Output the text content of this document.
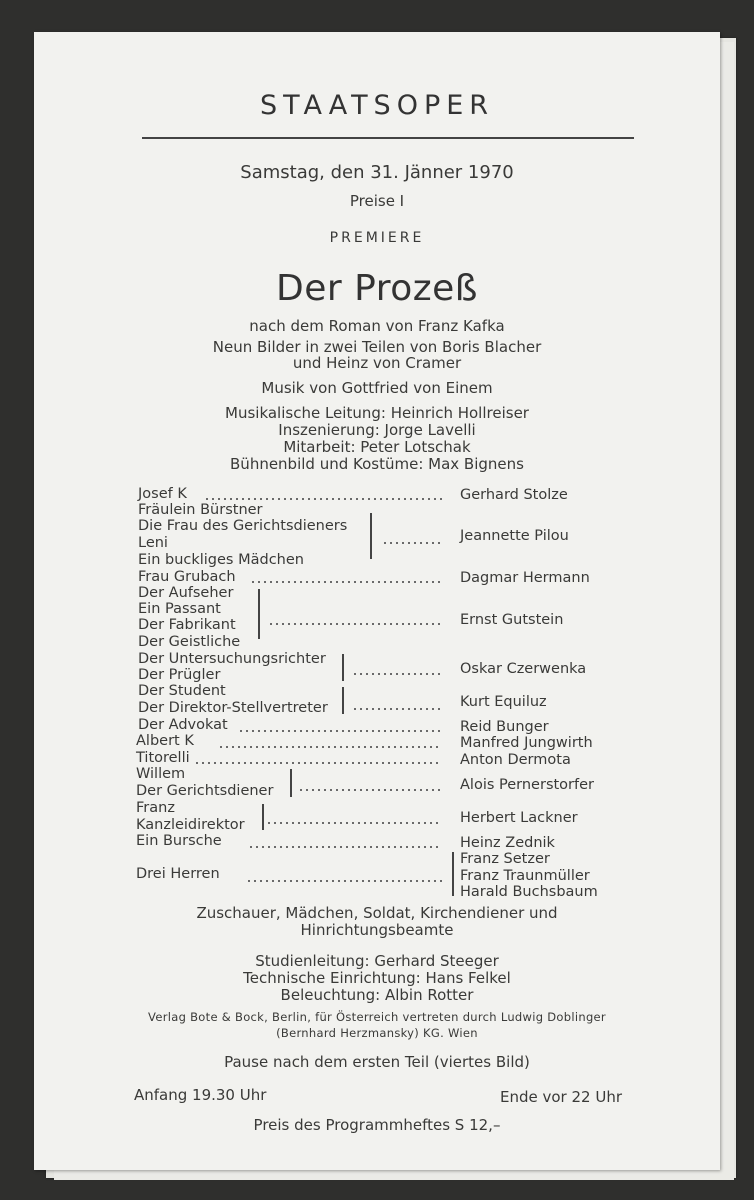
STAATSOPER
Samstag, den 31. Jänner 1970
Preise I
PREMIERE
Der Prozeß
nach dem Roman von Franz Kafka
Neun Bilder in zwei Teilen von Boris Blacher
und Heinz von Cramer
Musik von Gottfried von Einem
Musikalische Leitung: Heinrich Hollreiser
Inszenierung: Jorge Lavelli
Mitarbeit: Peter Lotschak
Bühnenbild und Kostüme: Max Bignens
Josef K
Fräulein Bürstner
Die Frau des Gerichtsdieners
Leni
Ein buckliges Mädchen
Frau Grubach
Der Aufseher
Ein Passant
Der Fabrikant
Der Geistliche
Der Untersuchungsrichter
Der Prügler
Der Student
Der Direktor-Stellvertreter
Der Advokat
Albert K
Titorelli
Willem
Der Gerichtsdiener
Franz
Kanzleidirektor
Ein Bursche
Drei Herren
Gerhard Stolze
Jeannette Pilou
Dagmar Hermann
Ernst Gutstein
Oskar Czerwenka
Kurt Equiluz
Reid Bunger
Manfred Jungwirth
Anton Dermota
Alois Pernerstorfer
Herbert Lackner
Heinz Zednik
Franz Setzer
Franz Traunmüller
Harald Buchsbaum
Zuschauer, Mädchen, Soldat, Kirchendiener und
Hinrichtungsbeamte
Studienleitung: Gerhard Steeger
Technische Einrichtung: Hans Felkel
Beleuchtung: Albin Rotter
Verlag Bote & Bock, Berlin, für Österreich vertreten durch Ludwig Doblinger
(Bernhard Herzmansky) KG. Wien
Pause nach dem ersten Teil (viertes Bild)
Anfang 19.30 Uhr	Ende vor 22 Uhr
Preis des Programmheftes S 12,–
